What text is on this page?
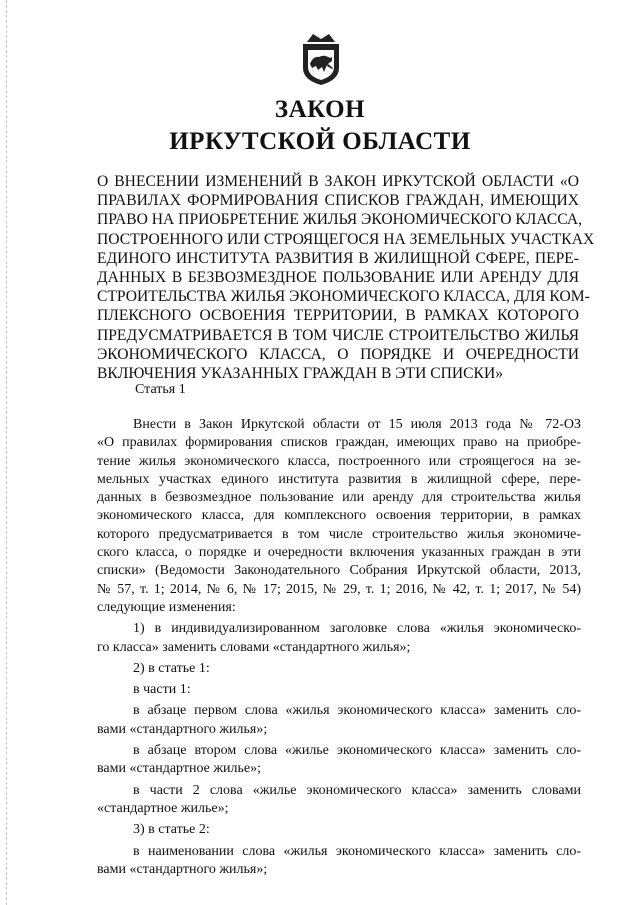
ЗАКОН
ИРКУТСКОЙ ОБЛАСТИ
О ВНЕСЕНИИ ИЗМЕНЕНИЙ В ЗАКОН ИРКУТСКОЙ ОБЛАСТИ «О
ПРАВИЛАХ ФОРМИРОВАНИЯ СПИСКОВ ГРАЖДАН, ИМЕЮЩИХ
ПРАВО НА ПРИОБРЕТЕНИЕ ЖИЛЬЯ ЭКОНОМИЧЕСКОГО КЛАССА,
ПОСТРОЕННОГО ИЛИ СТРОЯЩЕГОСЯ НА ЗЕМЕЛЬНЫХ УЧАСТКАХ
ЕДИНОГО ИНСТИТУТА РАЗВИТИЯ В ЖИЛИЩНОЙ СФЕРЕ, ПЕРЕ-
ДАННЫХ В БЕЗВОЗМЕЗДНОЕ ПОЛЬЗОВАНИЕ ИЛИ АРЕНДУ ДЛЯ
СТРОИТЕЛЬСТВА ЖИЛЬЯ ЭКОНОМИЧЕСКОГО КЛАССА, ДЛЯ КОМ-
ПЛЕКСНОГО ОСВОЕНИЯ ТЕРРИТОРИИ, В РАМКАХ КОТОРОГО
ПРЕДУСМАТРИВАЕТСЯ В ТОМ ЧИСЛЕ СТРОИТЕЛЬСТВО ЖИЛЬЯ
ЭКОНОМИЧЕСКОГО КЛАССА, О ПОРЯДКЕ И ОЧЕРЕДНОСТИ
ВКЛЮЧЕНИЯ УКАЗАННЫХ ГРАЖДАН В ЭТИ СПИСКИ»
Статья 1
Внести в Закон Иркутской области от 15 июля 2013 года № 72-ОЗ
«О правилах формирования списков граждан, имеющих право на приобре-
тение жилья экономического класса, построенного или строящегося на зе-
мельных участках единого института развития в жилищной сфере, пере-
данных в безвозмездное пользование или аренду для строительства жилья
экономического класса, для комплексного освоения территории, в рамках
которого предусматривается в том числе строительство жилья экономиче-
ского класса, о порядке и очередности включения указанных граждан в эти
списки» (Ведомости Законодательного Собрания Иркутской области, 2013,
№ 57, т. 1; 2014, № 6, № 17; 2015, № 29, т. 1; 2016, № 42, т. 1; 2017, № 54)
следующие изменения:
1) в индивидуализированном заголовке слова «жилья экономическо-
го класса» заменить словами «стандартного жилья»;
2) в статье 1:
в части 1:
в абзаце первом слова «жилья экономического класса» заменить сло-
вами «стандартного жилья»;
в абзаце втором слова «жилье экономического класса» заменить сло-
вами «стандартное жилье»;
в части 2 слова «жилье экономического класса» заменить словами
«стандартное жилье»;
3) в статье 2:
в наименовании слова «жилья экономического класса» заменить сло-
вами «стандартного жилья»;
